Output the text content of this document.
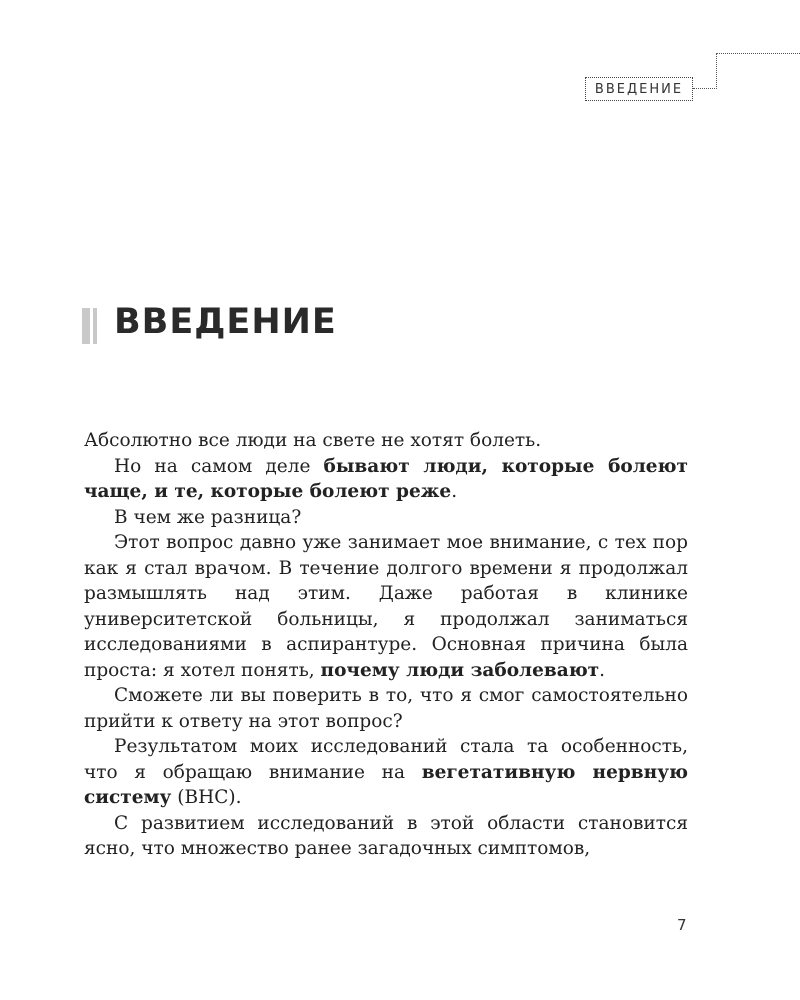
ВВЕДЕНИЕ
ВВЕДЕНИЕ

Абсолютно все люди на свете не хотят болеть.

Но на самом деле бывают люди, которые болеют чаще, и те, которые болеют реже.

В чем же разница?

Этот вопрос давно уже занимает мое внимание, с тех пор как я стал врачом. В течение долгого времени я продолжал размышлять над этим. Даже работая в клинике университетской больницы, я продолжал заниматься исследованиями в аспирантуре. Основная причина была проста: я хотел понять, почему люди заболевают.

Сможете ли вы поверить в то, что я смог самостоятельно прийти к ответу на этот вопрос?

Результатом моих исследований стала та особенность, что я обращаю внимание на вегетативную нервную систему (ВНС).

С развитием исследований в этой области становится ясно, что множество ранее загадочных симптомов,

7
